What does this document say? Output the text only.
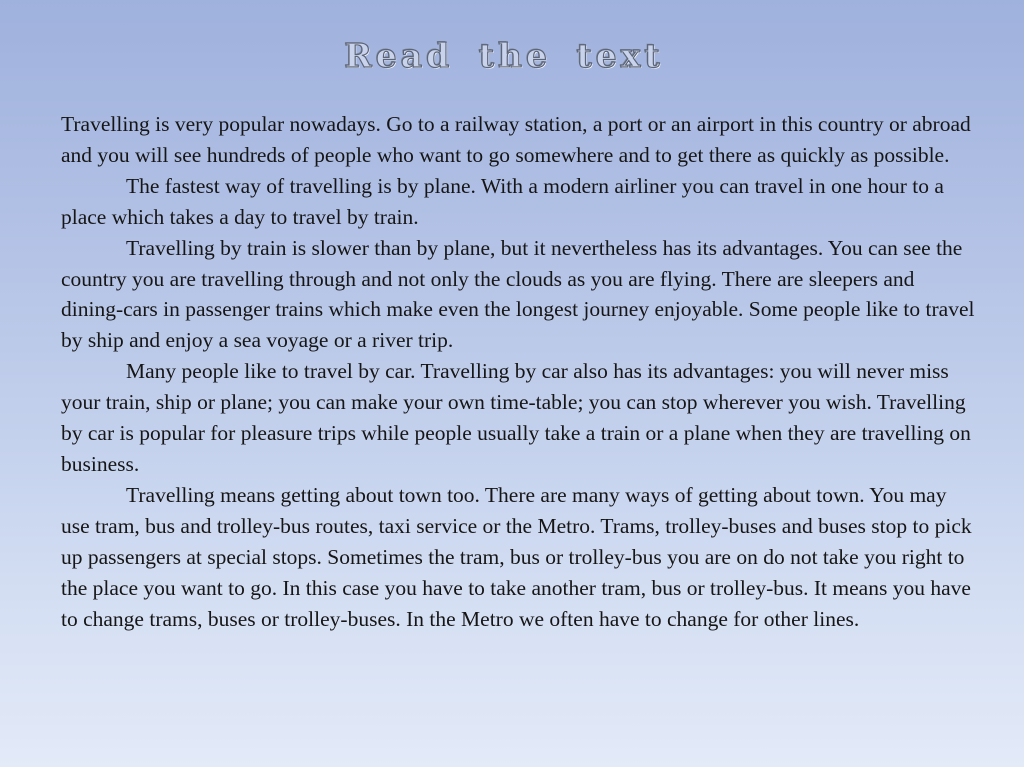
Read the text

Travelling is very popular nowadays. Go to a railway station, a port or an airport in this country or abroad and you will see hundreds of people who want to go somewhere and to get there as quickly as possible.

The fastest way of travelling is by plane. With a modern airliner you can travel in one hour to a place which takes a day to travel by train.

Travelling by train is slower than by plane, but it nevertheless has its advantages. You can see the country you are travelling through and not only the clouds as you are flying. There are sleepers and dining-cars in passenger trains which make even the longest journey enjoyable. Some people like to travel by ship and enjoy a sea voyage or a river trip.

Many people like to travel by car. Travelling by car also has its advantages: you will never miss your train, ship or plane; you can make your own time-table; you can stop wherever you wish. Travelling by car is popular for pleasure trips while people usually take a train or a plane when they are travelling on business.

Travelling means getting about town too. There are many ways of getting about town. You may use tram, bus and trolley-bus routes, taxi service or the Metro. Trams, trolley-buses and buses stop to pick up passengers at special stops. Sometimes the tram, bus or trolley-bus you are on do not take you right to the place you want to go. In this case you have to take another tram, bus or trolley-bus. It means you have to change trams, buses or trolley-buses. In the Metro we often have to change for other lines.
